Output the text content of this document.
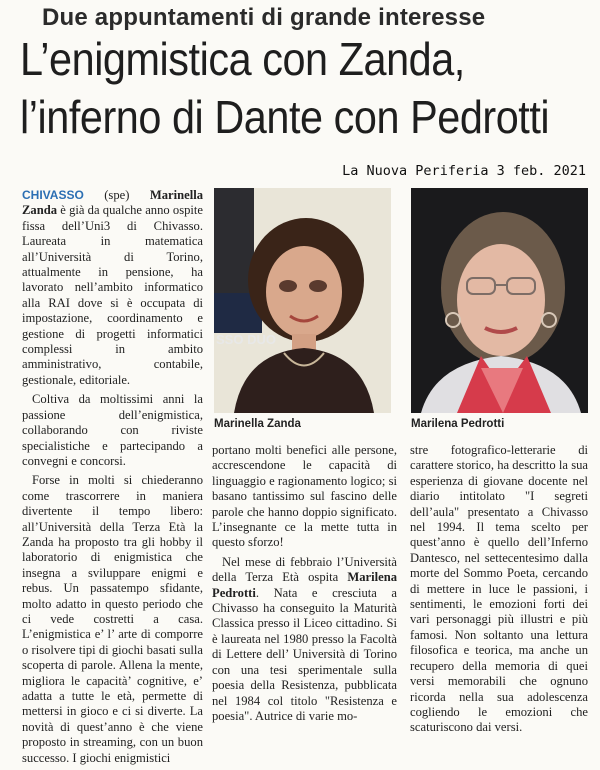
Due appuntamenti di grande interesse
L’enigmistica con Zanda,
l’inferno di Dante con Pedrotti
La Nuova Periferia 3 feb. 2021

CHIVASSO (spe) Marinella Zanda è già da qualche anno ospite fissa dell’Uni3 di Chivasso. Laureata in matematica all’Università di Torino, attualmente in pensione, ha lavorato nell’ambito informatico alla RAI dove si è occupata di impostazione, coordinamento e gestione di progetti informatici complessi in ambito amministrativo, contabile, gestionale, editoriale.

Coltiva da moltissimi anni la passione dell’enigmistica, collaborando con riviste specialistiche e partecipando a convegni e concorsi.

Forse in molti si chiederanno come trascorrere in maniera divertente il tempo libero: all’Università della Terza Età la Zanda ha proposto tra gli hobby il laboratorio di enigmistica che insegna a sviluppare enigmi e rebus. Un passatempo sfidante, molto adatto in questo periodo che ci vede costretti a casa. L’enigmistica e’ l’ arte di comporre o risolvere tipi di giochi basati sulla scoperta di parole. Allena la mente, migliora le capacità’ cognitive, e’ adatta a tutte le età, permette di mettersi in gioco e ci si diverte. La novità di quest’anno è che viene proposto in streaming, con un buon successo. I giochi enigmistici

SSO DUO
Marinella Zanda	Marilena Pedrotti

portano molti benefici alle persone, accrescendone le capacità di linguaggio e ragionamento logico; si basano tantissimo sul fascino delle parole che hanno doppio significato. L’insegnante ce la mette tutta in questo sforzo!

Nel mese di febbraio l’Università della Terza Età ospita Marilena Pedrotti. Nata e cresciuta a Chivasso ha conseguito la Maturità Classica presso il Liceo cittadino. Si è laureata nel 1980 presso la Facoltà di Lettere dell’ Università di Torino con una tesi sperimentale sulla poesia della Resistenza, pubblicata nel 1984 col titolo "Resistenza e poesia". Autrice di varie mo-

stre fotografico-letterarie di carattere storico, ha descritto la sua esperienza di giovane docente nel diario intitolato "I segreti dell’aula" presentato a Chivasso nel 1994. Il tema scelto per quest’anno è quello dell’Inferno Dantesco, nel settecentesimo dalla morte del Sommo Poeta, cercando di mettere in luce le passioni, i sentimenti, le emozioni forti dei vari personaggi più illustri e più famosi. Non soltanto una lettura filosofica e teorica, ma anche un recupero della memoria di quei versi memorabili che ognuno ricorda nella sua adolescenza cogliendo le emozioni che scaturiscono dai versi.
